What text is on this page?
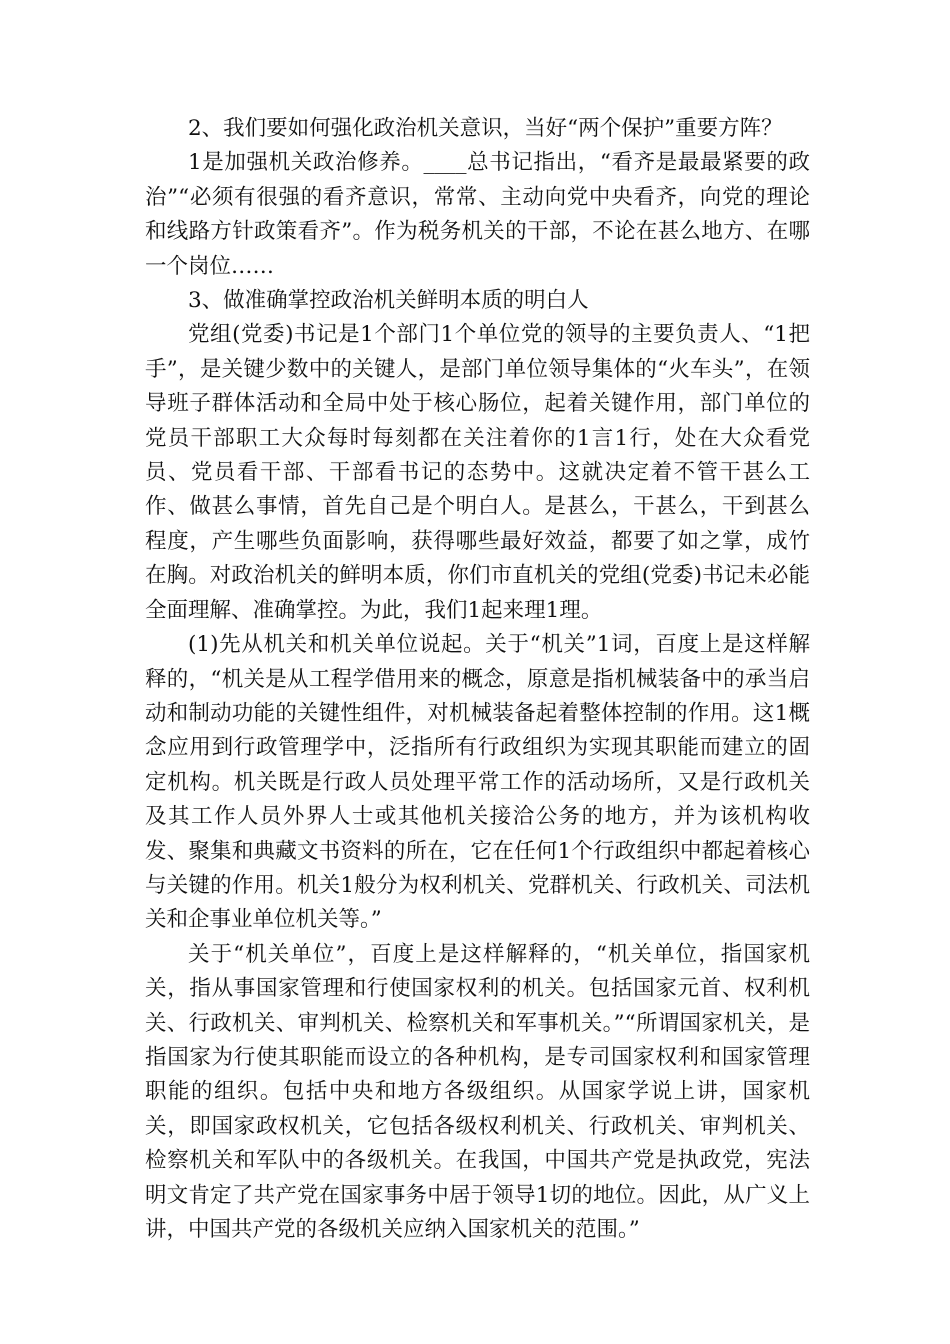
2、我们要如何强化政治机关意识，当好“两个保护”重要方阵？

1是加强机关政治修养。____总书记指出，“看齐是最最紧要的政治”“必须有很强的看齐意识，常常、主动向党中央看齐，向党的理论和线路方针政策看齐”。作为税务机关的干部，不论在甚么地方、在哪一个岗位……

3、做准确掌控政治机关鲜明本质的明白人

党组(党委)书记是1个部门1个单位党的领导的主要负责人、“1把手”，是关键少数中的关键人，是部门单位领导集体的“火车头”，在领导班子群体活动和全局中处于核心肠位，起着关键作用，部门单位的党员干部职工大众每时每刻都在关注着你的1言1行，处在大众看党员、党员看干部、干部看书记的态势中。这就决定着不管干甚么工作、做甚么事情，首先自己是个明白人。是甚么，干甚么，干到甚么程度，产生哪些负面影响，获得哪些最好效益，都要了如之掌，成竹在胸。对政治机关的鲜明本质，你们市直机关的党组(党委)书记未必能全面理解、准确掌控。为此，我们1起来理1理。

(1)先从机关和机关单位说起。关于“机关”1词，百度上是这样解释的，“机关是从工程学借用来的概念，原意是指机械装备中的承当启动和制动功能的关键性组件，对机械装备起着整体控制的作用。这1概念应用到行政管理学中，泛指所有行政组织为实现其职能而建立的固定机构。机关既是行政人员处理平常工作的活动场所，又是行政机关及其工作人员外界人士或其他机关接洽公务的地方，并为该机构收发、聚集和典藏文书资料的所在，它在任何1个行政组织中都起着核心与关键的作用。机关1般分为权利机关、党群机关、行政机关、司法机关和企事业单位机关等。”

关于“机关单位”，百度上是这样解释的，“机关单位，指国家机关，指从事国家管理和行使国家权利的机关。包括国家元首、权利机关、行政机关、审判机关、检察机关和军事机关。”“所谓国家机关，是指国家为行使其职能而设立的各种机构，是专司国家权利和国家管理职能的组织。包括中央和地方各级组织。从国家学说上讲，国家机关，即国家政权机关，它包括各级权利机关、行政机关、审判机关、检察机关和军队中的各级机关。在我国，中国共产党是执政党，宪法明文肯定了共产党在国家事务中居于领导1切的地位。因此，从广义上讲，中国共产党的各级机关应纳入国家机关的范围。”
